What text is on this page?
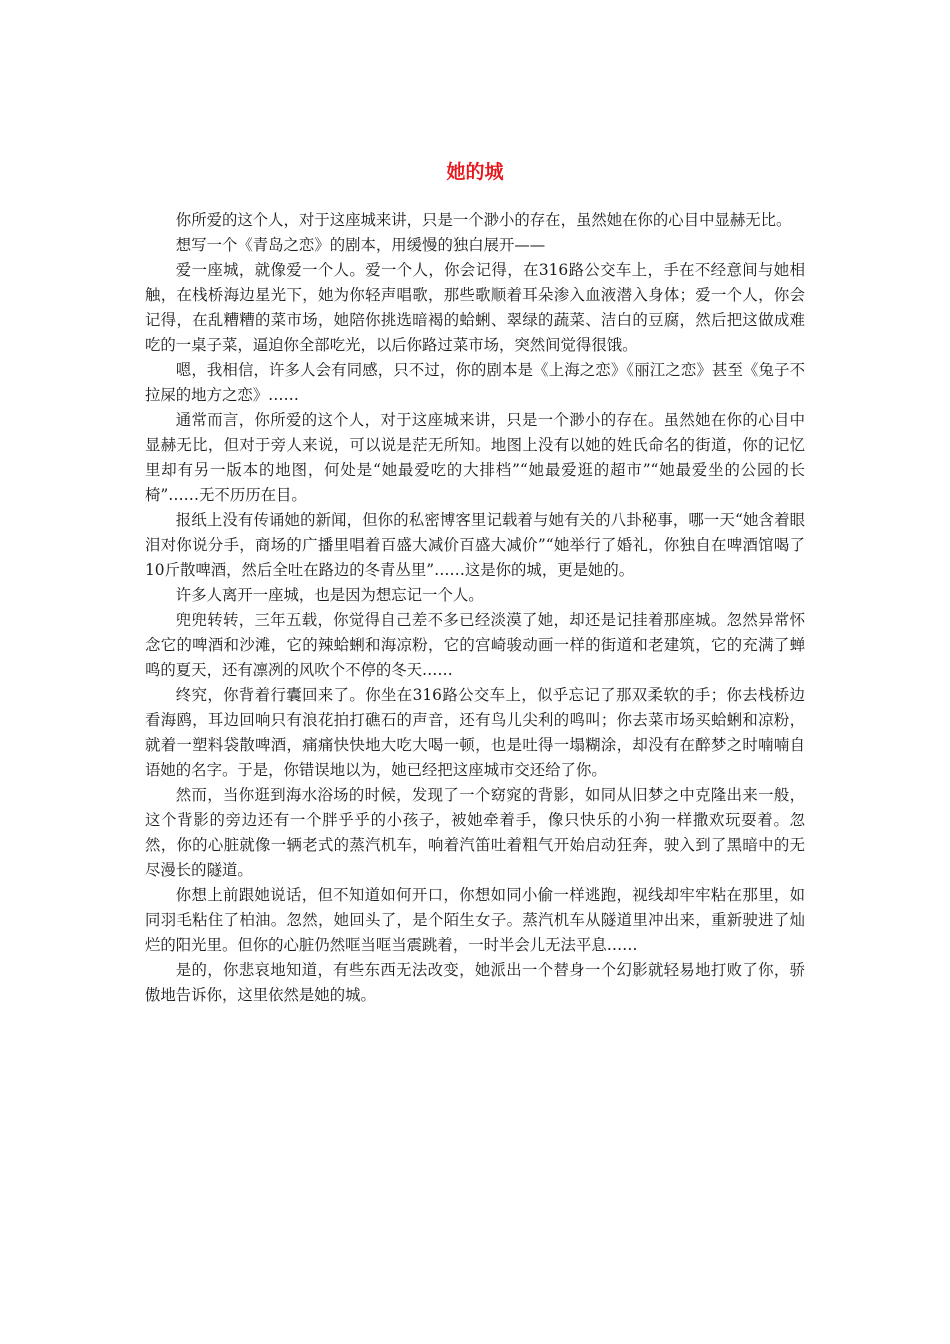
她的城

你所爱的这个人，对于这座城来讲，只是一个渺小的存在，虽然她在你的心目中显赫无比。

想写一个《青岛之恋》的剧本，用缓慢的独白展开——

爱一座城，就像爱一个人。爱一个人，你会记得，在316路公交车上，手在不经意间与她相触，在栈桥海边星光下，她为你轻声唱歌，那些歌顺着耳朵渗入血液潜入身体；爱一个人，你会记得，在乱糟糟的菜市场，她陪你挑选暗褐的蛤蜊、翠绿的蔬菜、洁白的豆腐，然后把这做成难吃的一桌子菜，逼迫你全部吃光，以后你路过菜市场，突然间觉得很饿。

嗯，我相信，许多人会有同感，只不过，你的剧本是《上海之恋》《丽江之恋》甚至《兔子不拉屎的地方之恋》……

通常而言，你所爱的这个人，对于这座城来讲，只是一个渺小的存在。虽然她在你的心目中显赫无比，但对于旁人来说，可以说是茫无所知。地图上没有以她的姓氏命名的街道，你的记忆里却有另一版本的地图，何处是“她最爱吃的大排档”“她最爱逛的超市”“她最爱坐的公园的长椅”……无不历历在目。

报纸上没有传诵她的新闻，但你的私密博客里记载着与她有关的八卦秘事，哪一天“她含着眼泪对你说分手，商场的广播里唱着百盛大减价百盛大减价”“她举行了婚礼，你独自在啤酒馆喝了10斤散啤酒，然后全吐在路边的冬青丛里”……这是你的城，更是她的。

许多人离开一座城，也是因为想忘记一个人。

兜兜转转，三年五载，你觉得自己差不多已经淡漠了她，却还是记挂着那座城。忽然异常怀念它的啤酒和沙滩，它的辣蛤蜊和海凉粉，它的宫崎骏动画一样的街道和老建筑，它的充满了蝉鸣的夏天，还有凛冽的风吹个不停的冬天……

终究，你背着行囊回来了。你坐在316路公交车上，似乎忘记了那双柔软的手；你去栈桥边看海鸥，耳边回响只有浪花拍打礁石的声音，还有鸟儿尖利的鸣叫；你去菜市场买蛤蜊和凉粉，就着一塑料袋散啤酒，痛痛快快地大吃大喝一顿，也是吐得一塌糊涂，却没有在醉梦之时喃喃自语她的名字。于是，你错误地以为，她已经把这座城市交还给了你。

然而，当你逛到海水浴场的时候，发现了一个窈窕的背影，如同从旧梦之中克隆出来一般，这个背影的旁边还有一个胖乎乎的小孩子，被她牵着手，像只快乐的小狗一样撒欢玩耍着。忽然，你的心脏就像一辆老式的蒸汽机车，响着汽笛吐着粗气开始启动狂奔，驶入到了黑暗中的无尽漫长的隧道。

你想上前跟她说话，但不知道如何开口，你想如同小偷一样逃跑，视线却牢牢粘在那里，如同羽毛粘住了柏油。忽然，她回头了，是个陌生女子。蒸汽机车从隧道里冲出来，重新驶进了灿烂的阳光里。但你的心脏仍然哐当哐当震跳着，一时半会儿无法平息……

是的，你悲哀地知道，有些东西无法改变，她派出一个替身一个幻影就轻易地打败了你，骄傲地告诉你，这里依然是她的城。
